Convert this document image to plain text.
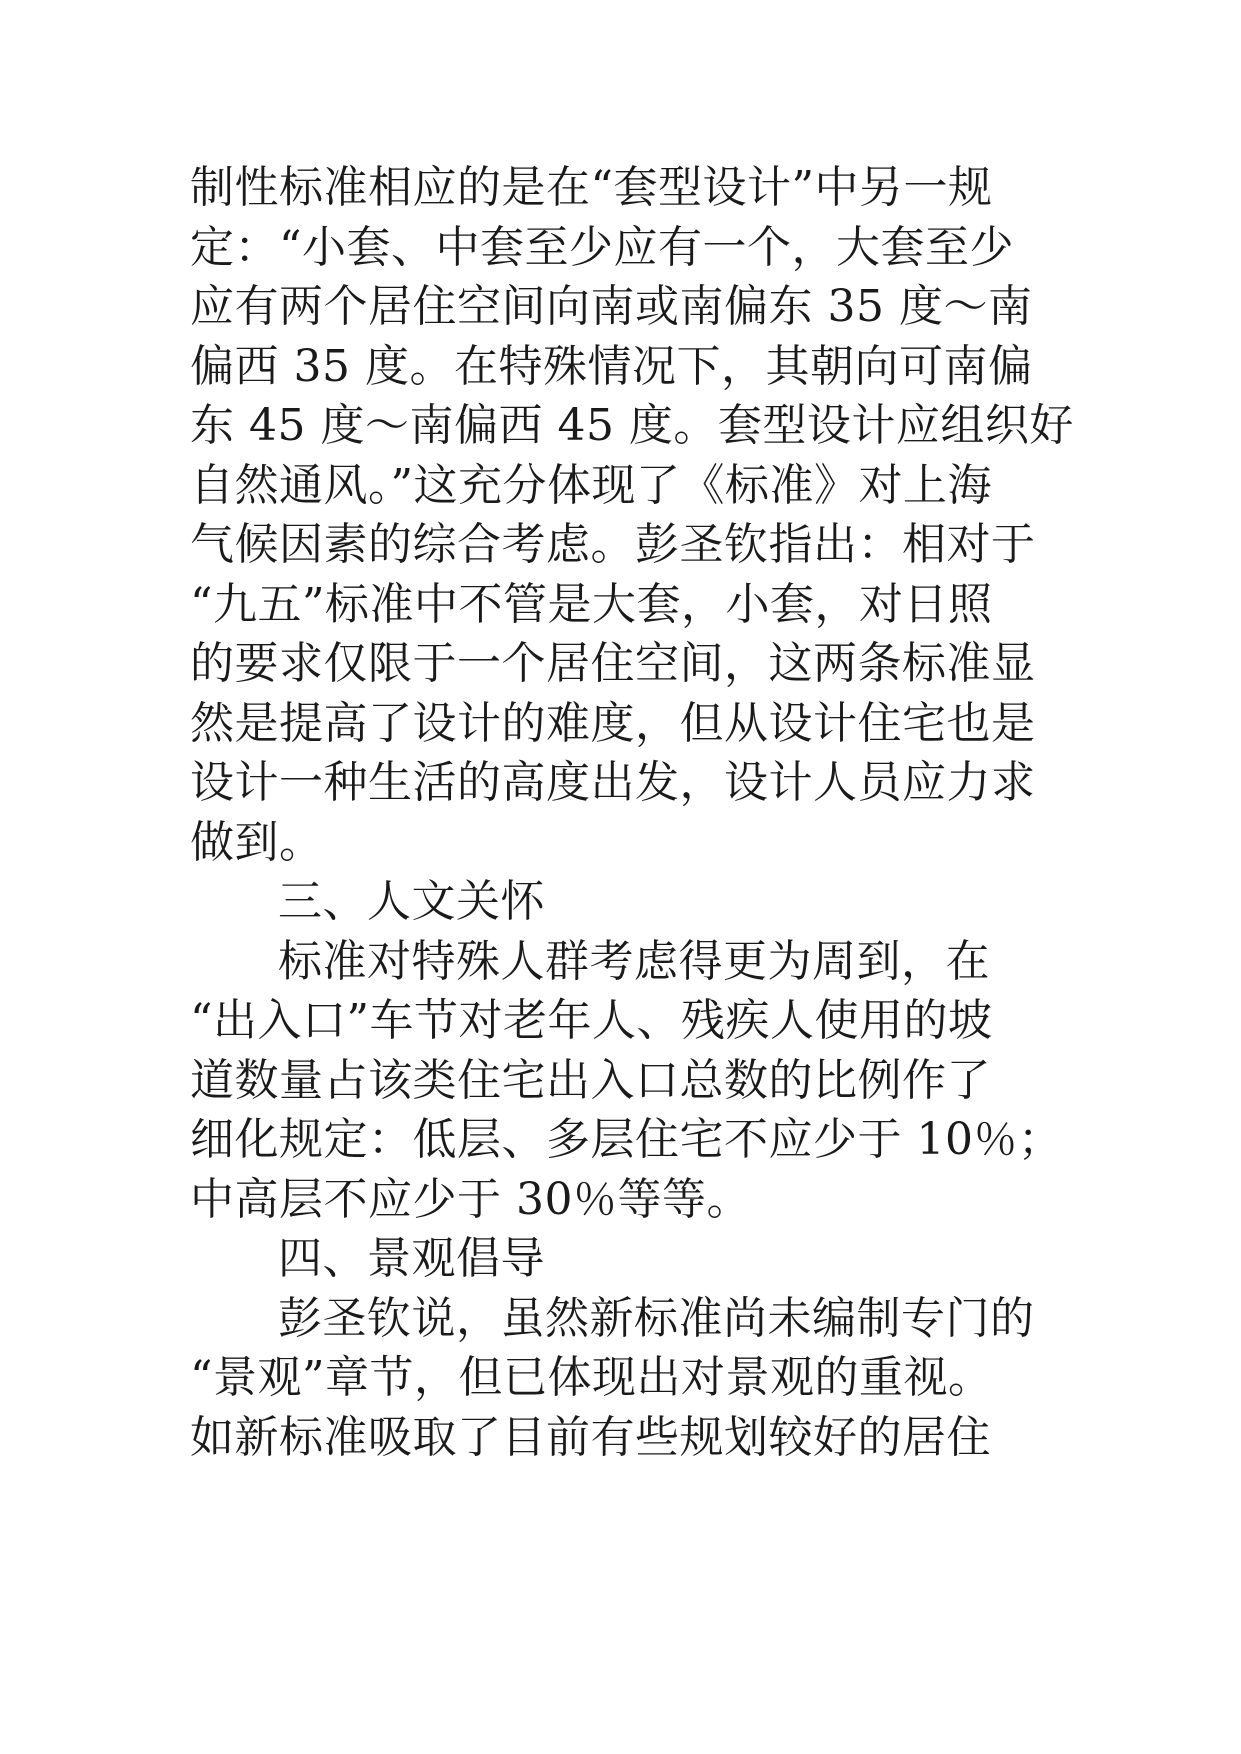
制性标准相应的是在“套型设计”中另一规
定：“小套、中套至少应有一个，大套至少
应有两个居住空间向南或南偏东 35 度～南
偏西 35 度。在特殊情况下，其朝向可南偏
东 45 度～南偏西 45 度。套型设计应组织好
自然通风。”这充分体现了《标准》对上海
气候因素的综合考虑。彭圣钦指出：相对于
“九五”标准中不管是大套，小套，对日照
的要求仅限于一个居住空间，这两条标准显
然是提高了设计的难度，但从设计住宅也是
设计一种生活的高度出发，设计人员应力求
做到。
三、人文关怀
标准对特殊人群考虑得更为周到，在
“出入口”车节对老年人、残疾人使用的坡
道数量占该类住宅出入口总数的比例作了
细化规定：低层、多层住宅不应少于 10％；
中高层不应少于 30％等等。
四、景观倡导
彭圣钦说，虽然新标准尚未编制专门的
“景观”章节，但已体现出对景观的重视。
如新标准吸取了目前有些规划较好的居住
